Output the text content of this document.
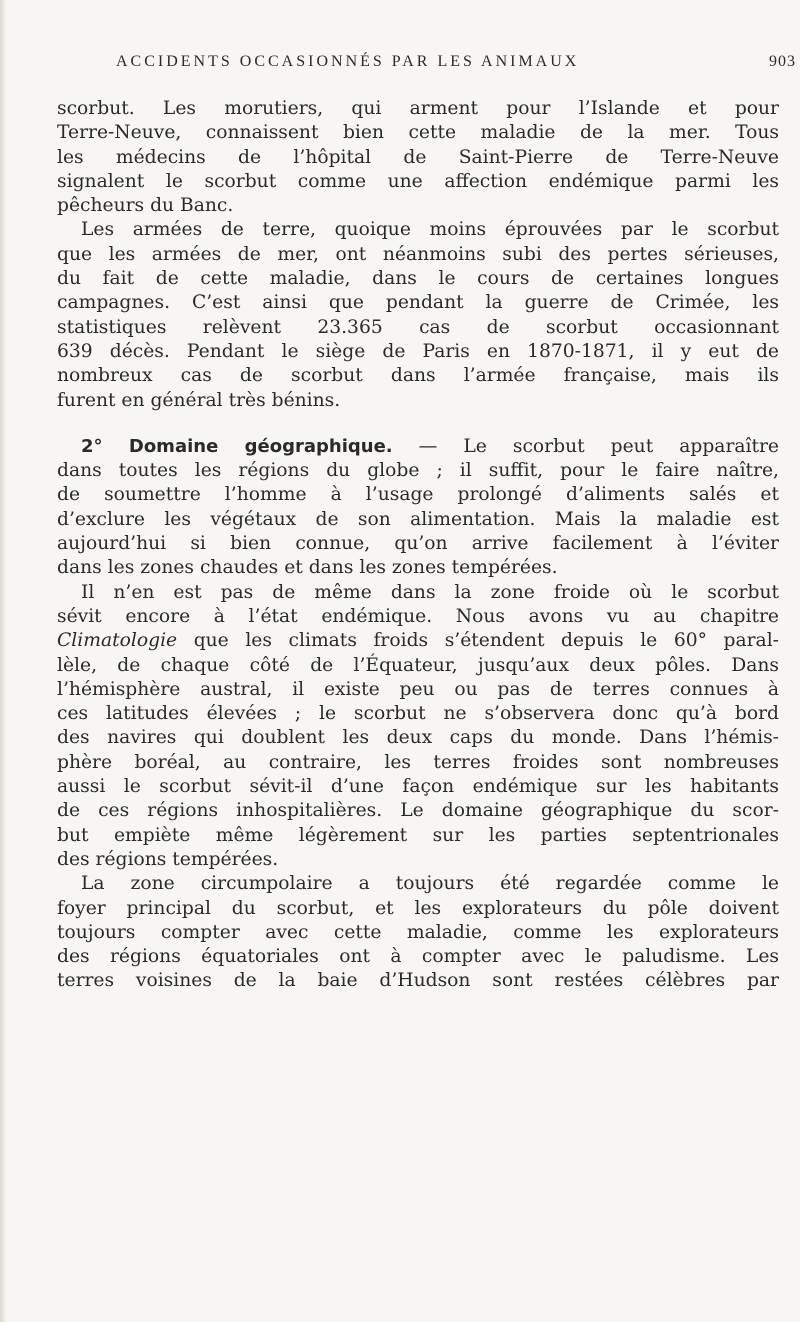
ACCIDENTS OCCASIONNÉS PAR LES ANIMAUX	903
scorbut. Les morutiers, qui arment pour l’Islande et pour
Terre-Neuve, connaissent bien cette maladie de la mer. Tous
les médecins de l’hôpital de Saint-Pierre de Terre-Neuve
signalent le scorbut comme une affection endémique parmi les
pêcheurs du Banc.
Les armées de terre, quoique moins éprouvées par le scorbut
que les armées de mer, ont néanmoins subi des pertes sérieuses,
du fait de cette maladie, dans le cours de certaines longues
campagnes. C’est ainsi que pendant la guerre de Crimée, les
statistiques relèvent 23.365 cas de scorbut occasionnant
639 décès. Pendant le siège de Paris en 1870-1871, il y eut de
nombreux cas de scorbut dans l’armée française, mais ils
furent en général très bénins.
2° Domaine géographique. — Le scorbut peut apparaître
dans toutes les régions du globe ; il suffit, pour le faire naître,
de soumettre l’homme à l’usage prolongé d’aliments salés et
d’exclure les végétaux de son alimentation. Mais la maladie est
aujourd’hui si bien connue, qu’on arrive facilement à l’éviter
dans les zones chaudes et dans les zones tempérées.
Il n’en est pas de même dans la zone froide où le scorbut
sévit encore à l’état endémique. Nous avons vu au chapitre
Climatologie que les climats froids s’étendent depuis le 60° paral-
lèle, de chaque côté de l’Équateur, jusqu’aux deux pôles. Dans
l’hémisphère austral, il existe peu ou pas de terres connues à
ces latitudes élevées ; le scorbut ne s’observera donc qu’à bord
des navires qui doublent les deux caps du monde. Dans l’hémis-
phère boréal, au contraire, les terres froides sont nombreuses
aussi le scorbut sévit-il d’une façon endémique sur les habitants
de ces régions inhospitalières. Le domaine géographique du scor-
but empiète même légèrement sur les parties septentrionales
des régions tempérées.
La zone circumpolaire a toujours été regardée comme le
foyer principal du scorbut, et les explorateurs du pôle doivent
toujours compter avec cette maladie, comme les explorateurs
des régions équatoriales ont à compter avec le paludisme. Les
terres voisines de la baie d’Hudson sont restées célèbres par
